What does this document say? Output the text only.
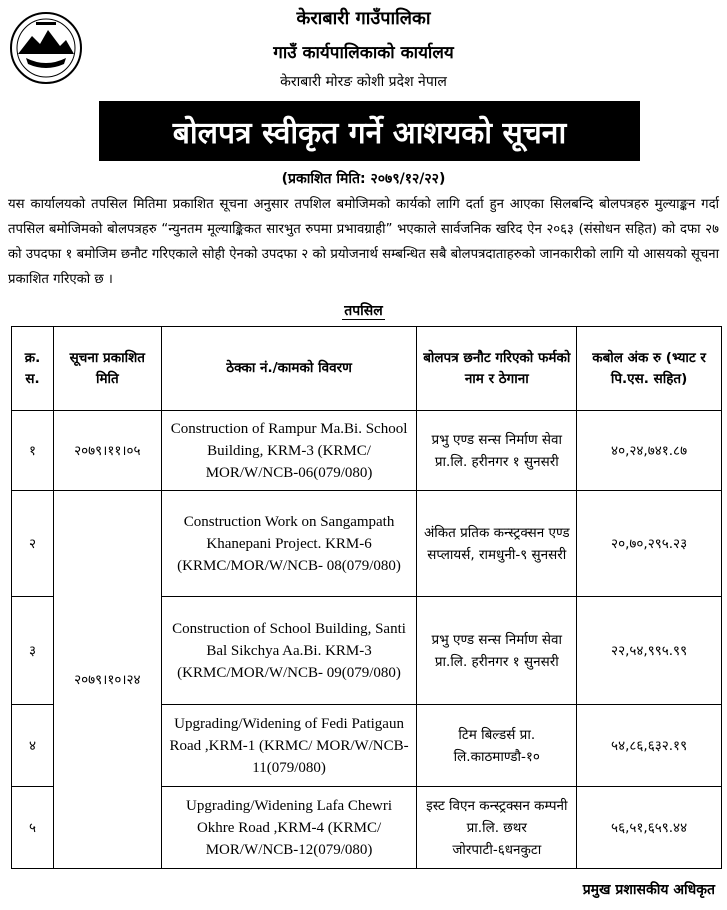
केराबारी गाउँपालिका
गाउँ कार्यपालिकाको कार्यालय
केराबारी मोरङ कोशी प्रदेश नेपाल
बोलपत्र स्वीकृत गर्ने आशयको सूचना
(प्रकाशित मिति: २०७९/१२/२२)
यस कार्यालयको तपसिल मितिमा प्रकाशित सूचना अनुसार तपशिल बमोजिमको कार्यको लागि दर्ता हुन आएका सिलबन्दि बोलपत्रहरु मुल्याङ्कन गर्दा तपसिल बमोजिमको बोलपत्रहरु “न्युनतम मूल्याङ्किकत सारभुत रुपमा प्रभावग्राही” भएकाले सार्वजनिक खरिद ऐन २०६३ (संसोधन सहित) को दफा २७ को उपदफा १ बमोजिम छनौट गरिएकाले सोही ऐनको उपदफा २ को प्रयोजनार्थ सम्बन्धित सबै बोलपत्रदाताहरुको जानकारीको लागि यो आसयको सूचना प्रकाशित गरिएको छ ।
तपसिल
क्र. स.	सूचना प्रकाशित मिति	ठेक्का नं./कामको विवरण	बोलपत्र छनौट गरिएको फर्मको नाम र ठेगाना	कबोल अंक रु (भ्याट र पि.एस. सहित)
१	२०७९।११।०५	Construction of Rampur Ma.Bi. School Building, KRM-3 (KRMC/ MOR/W/NCB-06(079/080)	प्रभु एण्ड सन्स निर्माण सेवा प्रा.लि. हरीनगर १ सुनसरी	४०,२४,७४१.८७
२	२०७९।१०।२४	Construction Work on Sangampath Khanepani Project. KRM-6 (KRMC/MOR/W/NCB- 08(079/080)	अंकित प्रतिक कन्स्ट्रक्सन एण्ड सप्लायर्स, रामधुनी-९ सुनसरी	२०,७०,२९५.२३
३		Construction of School Building, Santi Bal Sikchya Aa.Bi. KRM-3 (KRMC/MOR/W/NCB- 09(079/080)	प्रभु एण्ड सन्स निर्माण सेवा प्रा.लि. हरीनगर १ सुनसरी	२२,५४,९९५.९९
४		Upgrading/Widening of Fedi Patigaun Road ,KRM-1 (KRMC/ MOR/W/NCB-11(079/080)	टिम बिल्डर्स प्रा. लि.काठमाण्डौ-१०	५४,८६,६३२.१९
५		Upgrading/Widening Lafa Chewri Okhre Road ,KRM-4 (KRMC/ MOR/W/NCB-12(079/080)	इस्ट विएन कन्स्ट्रक्सन कम्पनी प्रा.लि. छथर जोरपाटी-६धनकुटा	५६,५१,६५९.४४
प्रमुख प्रशासकीय अधिकृत
